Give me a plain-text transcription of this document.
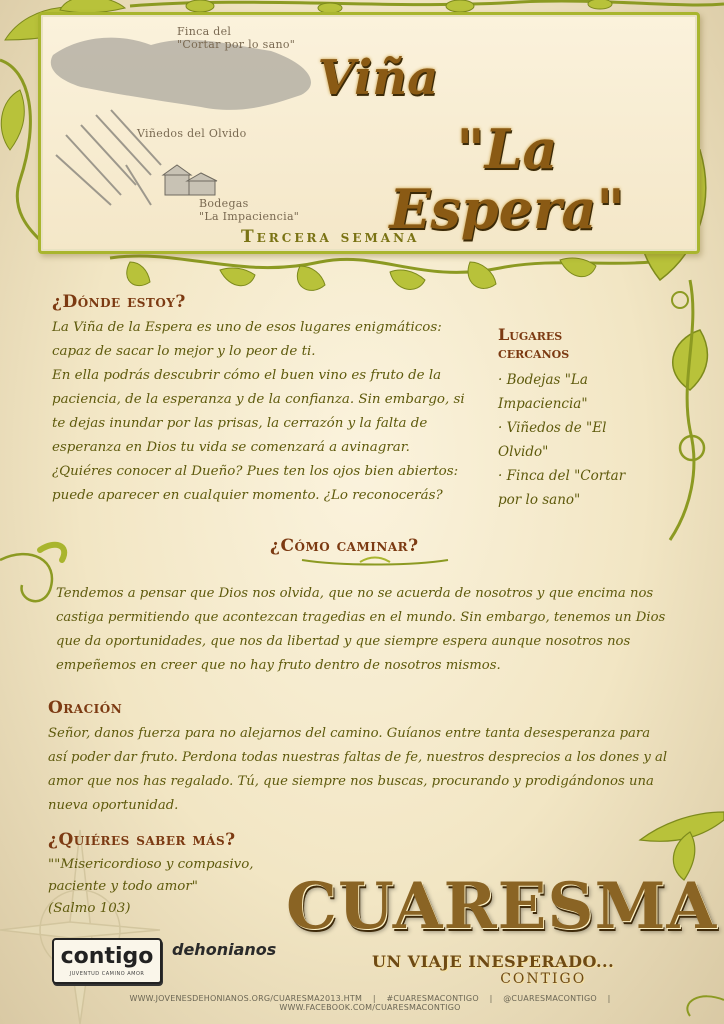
Finca del
"Cortar por lo sano"
Viñedos del Olvido
Bodegas
"La Impaciencia"
Viña
"La Espera"
Tercera semana
¿Dónde estoy?
La Viña de la Espera es uno de esos lugares enigmáticos:
capaz de sacar lo mejor y lo peor de ti.
En ella podrás descubrir cómo el buen vino es fruto de la
paciencia, de la esperanza y de la confianza. Sin embargo, si
te dejas inundar por las prisas, la cerrazón y la falta de
esperanza en Dios tu vida se comenzará a avinagrar.
¿Quiéres conocer al Dueño? Pues ten los ojos bien abiertos:
puede aparecer en cualquier momento. ¿Lo reconocerás?
Lugares
cercanos
· Bodejas "La
Impaciencia"
· Viñedos de "El
Olvido"
· Finca del "Cortar
por lo sano"
¿Cómo caminar?
Tendemos a pensar que Dios nos olvida, que no se acuerda de nosotros y que encima nos
castiga permitiendo que acontezcan tragedias en el mundo. Sin embargo, tenemos un Dios
que da oportunidades, que nos da libertad y que siempre espera aunque nosotros nos
empeñemos en creer que no hay fruto dentro de nosotros mismos.
Oración
Señor, danos fuerza para no alejarnos del camino. Guíanos entre tanta desesperanza para
así poder dar fruto. Perdona todas nuestras faltas de fe, nuestros desprecios a los dones y al
amor que nos has regalado. Tú, que siempre nos buscas, procurando y prodigándonos una
nueva oportunidad.
¿Quiéres saber más?
""Misericordioso y compasivo,
paciente y todo amor"
(Salmo 103)
contigo
JUVENTUD CAMINO AMOR
dehonianos
CUARESMA
UN VIAJE INESPERADO...
CONTIGO
WWW.JOVENESDEHONIANOS.ORG/CUARESMA2013.HTM | #CUARESMACONTIGO | @CUARESMACONTIGO | WWW.FACEBOOK.COM/CUARESMACONTIGO
